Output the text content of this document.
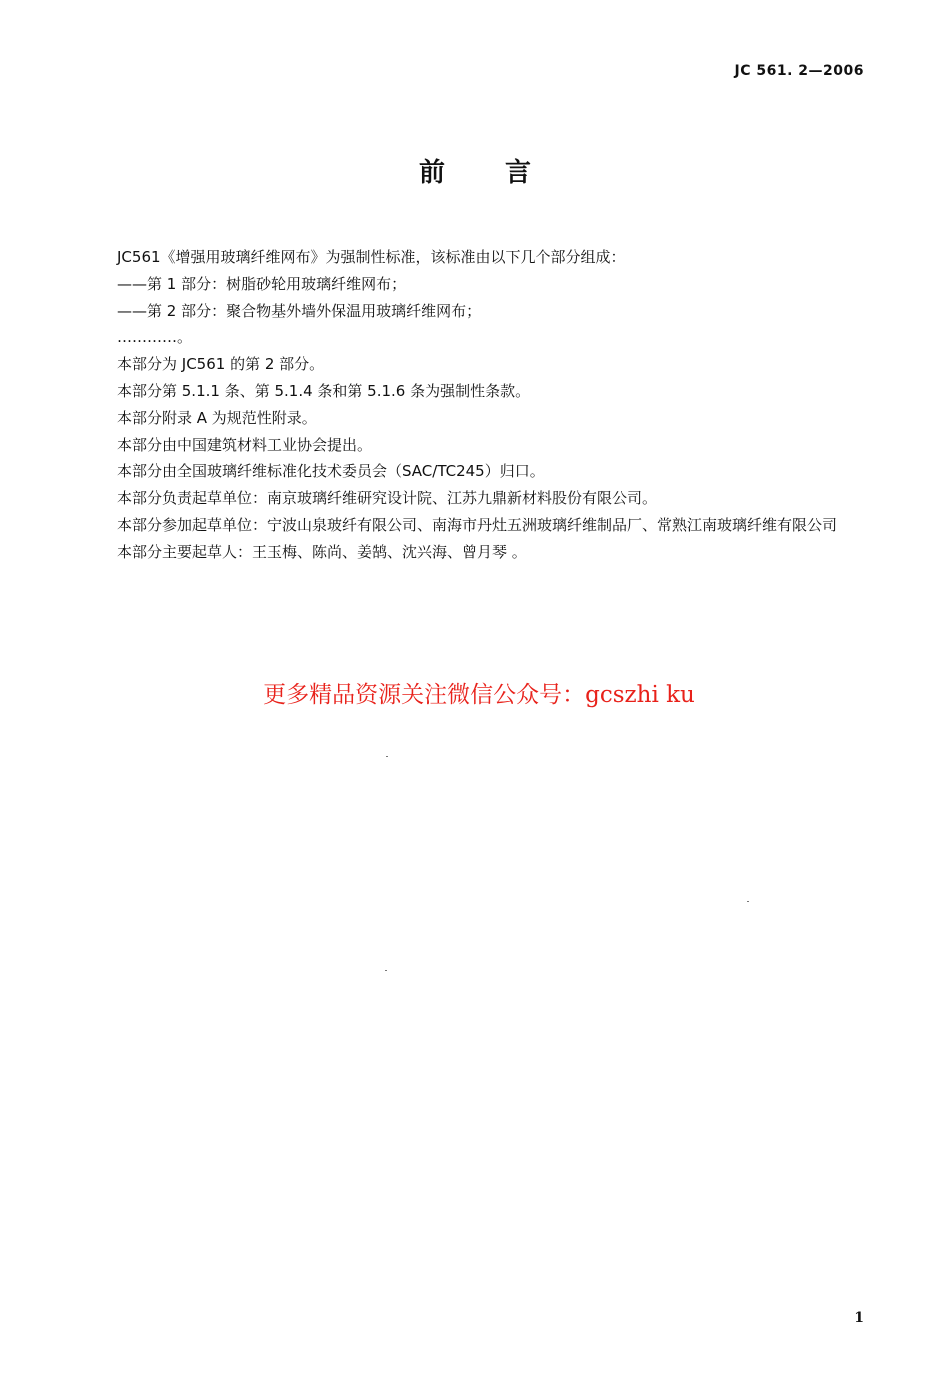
JC 561. 2—2006
前 言

JC561《增强用玻璃纤维网布》为强制性标准，该标准由以下几个部分组成：

——第 1 部分：树脂砂轮用玻璃纤维网布；

——第 2 部分：聚合物基外墙外保温用玻璃纤维网布；

…………。

本部分为 JC561 的第 2 部分。

本部分第 5.1.1 条、第 5.1.4 条和第 5.1.6 条为强制性条款。

本部分附录 A 为规范性附录。

本部分由中国建筑材料工业协会提出。

本部分由全国玻璃纤维标准化技术委员会（SAC/TC245）归口。

本部分负责起草单位：南京玻璃纤维研究设计院、江苏九鼎新材料股份有限公司。

本部分参加起草单位：宁波山泉玻纤有限公司、南海市丹灶五洲玻璃纤维制品厂、常熟江南玻璃纤维有限公司

本部分主要起草人：王玉梅、陈尚、姜鹄、沈兴海、曾月琴 。

更多精品资源关注微信公众号：gcszhi ku
1
